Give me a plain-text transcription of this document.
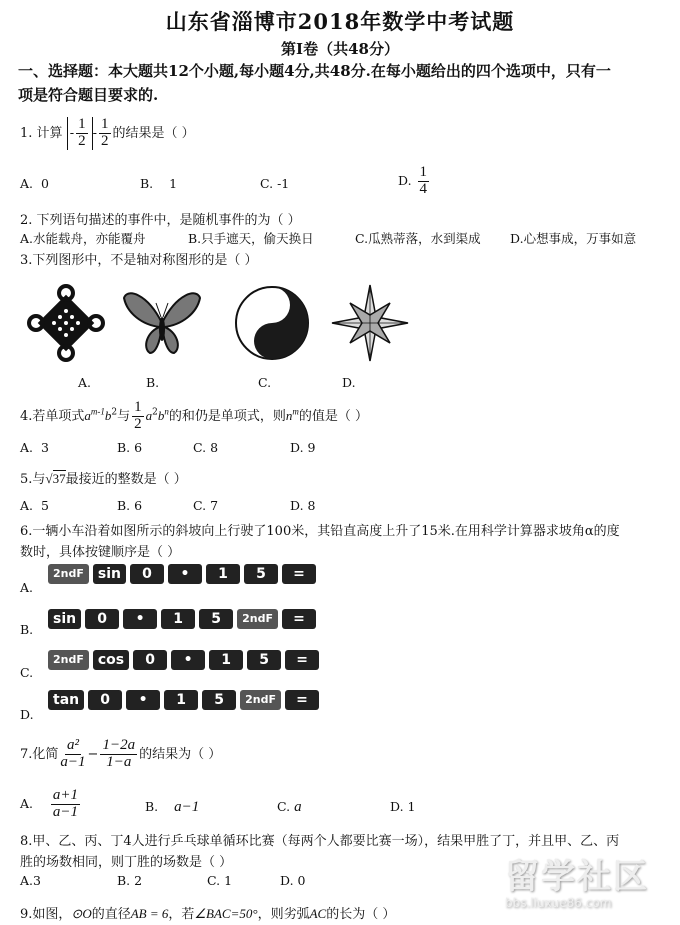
山东省淄博市2018年数学中考试题
第Ⅰ卷（共48分）
一、选择题：本大题共12个小题,每小题4分,共48分.在每小题给出的四个选项中，只有一
项是符合题目要求的.
1. 计算 - $\frac{1}{2} - \frac{1}{2}$ 的结果是（ ）
A. 0	B. 1	C. -1	D. $\frac{1}{4}$
2. 下列语句描述的事件中，是随机事件的为（ ）
A.水能载舟，亦能覆舟	B.只手遮天，偷天换日	C.瓜熟蒂落，水到渠成 D.心想事成，万事如意
3.下列图形中，不是轴对称图形的是（ ）
A.	B.	C.	D.
4.若单项式$a^{m-1}b^2$与 $\frac{1}{2} a^2b^n$的和仍是单项式，则$n^m$的值是（ ）
A. 3	B. 6	C. 8	D. 9
5.与√37最接近的整数是（ ）
A. 5	B. 6	C. 7	D. 8
6.一辆小车沿着如图所示的斜坡向上行驶了100米，其铅直高度上升了15米.在用科学计算器求坡角α的度
数时，具体按键顺序是（ ）
A.
2ndF	sin	0	•	1	5	=
B.
sin	0	•	1	5	2ndF	=
C.
2ndF	cos	0	•	1	5	=
D.
tan	0	•	1	5	2ndF	=
7.化简 $\frac{\text{a²}}{a-1} - \frac{1-2a}{1-a}$ 的结果为（ ）
A. $\frac{a+1}{a-1}$	B. a−1	C. a	D. 1
8.甲、乙、丙、丁4人进行乒乓球单循环比赛（每两个人都要比赛一场），结果甲胜了丁，并且甲、乙、丙
胜的场数相同，则丁胜的场数是（ ）
A.3	B. 2	C. 1	D. 0
9.如图，⊙O的直径AB = 6，若∠BAC=50°，则劣弧AC的长为（ ）
留学社区
bbs.liuxue86.com
